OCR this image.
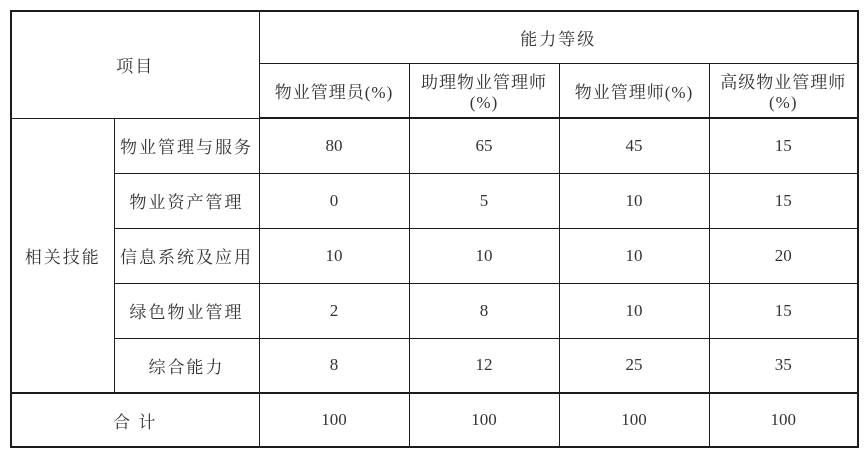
项目		能力等级			
		物业管理员(%)	助理物业管理师(%)	物业管理师(%)	高级物业管理师(%)
相关技能	物业管理与服务	80	65	45	15
	物业资产管理	0	5	10	15
	信息系统及应用	10	10	10	20
	绿色物业管理	2	8	10	15
	综合能力	8	12	25	35
合 计		100	100	100	100
